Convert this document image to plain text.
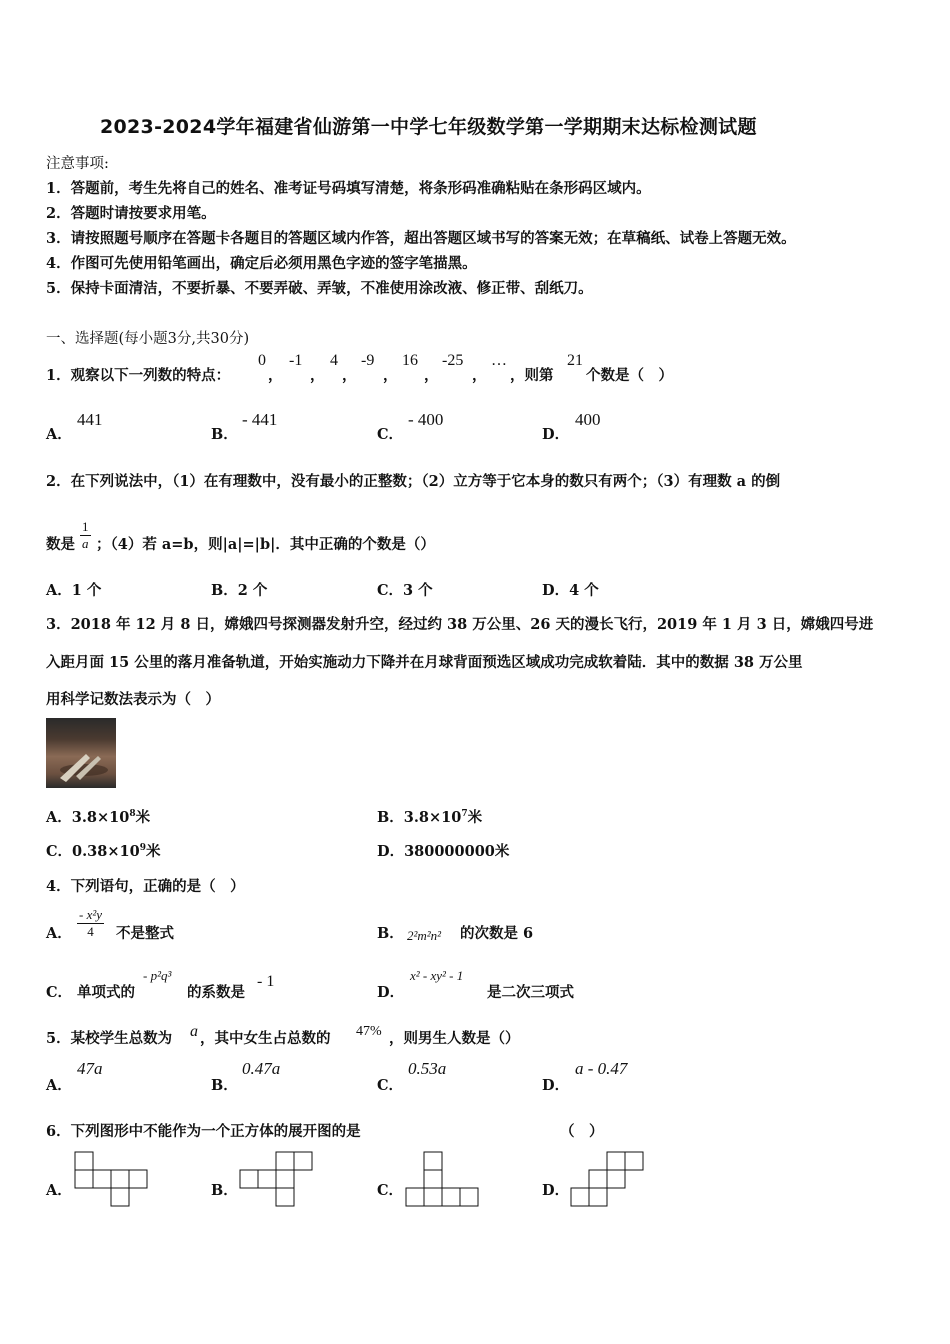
2023-2024学年福建省仙游第一中学七年级数学第一学期期末达标检测试题
注意事项:
1．答题前，考生先将自己的姓名、准考证号码填写清楚，将条形码准确粘贴在条形码区域内。
2．答题时请按要求用笔。
3．请按照题号顺序在答题卡各题目的答题区域内作答，超出答题区域书写的答案无效；在草稿纸、试卷上答题无效。
4．作图可先使用铅笔画出，确定后必须用黑色字迹的签字笔描黑。
5．保持卡面清洁，不要折暴、不要弄破、弄皱，不准使用涂改液、修正带、刮纸刀。
一、选择题(每小题3分,共30分)
1．观察以下一列数的特点：
0
，
-1
，
4
，
-9
，
16
，
-25
，
…
，则第
21
个数是（　）
A．
441
B．
- 441
C．
- 400
D．
400
2．在下列说法中，（1）在有理数中，没有最小的正整数；（2）立方等于它本身的数只有两个；（3）有理数 a 的倒
数是 $\frac{1}{a}$ ；（4）若 a=b，则|a|=|b|．其中正确的个数是（）
A．1 个	B．2 个	C．3 个	D．4 个
3．2018 年 12 月 8 日，嫦娥四号探测器发射升空，经过约 38 万公里、26 天的漫长飞行，2019 年 1 月 3 日，嫦娥四号进
入距月面 15 公里的落月准备轨道，开始实施动力下降并在月球背面预选区域成功完成软着陆．其中的数据 38 万公里
用科学记数法表示为（　）
A．$3.8\times 10^8$米	B．$3.8\times 10^7$米
C．$0.38\times 10^9$米	D．380000000米
4．下列语句，正确的是（　）
A． $\frac{\text{- x²y}}{4}$ 不是整式	B． 2²m²n² 的次数是 6
C． 单项式的
- p²q³
的系数是
- 1
D．
x² - xy² - 1
是二次三项式
5．某校学生总数为 a ，其中女生占总数的 47% ，则男生人数是（）
A．
47a
B．
0.47a
C．
0.53a
D．
a - 0.47
6．下列图形中不能作为一个正方体的展开图的是	（　）
A．	B．	C．	D．
